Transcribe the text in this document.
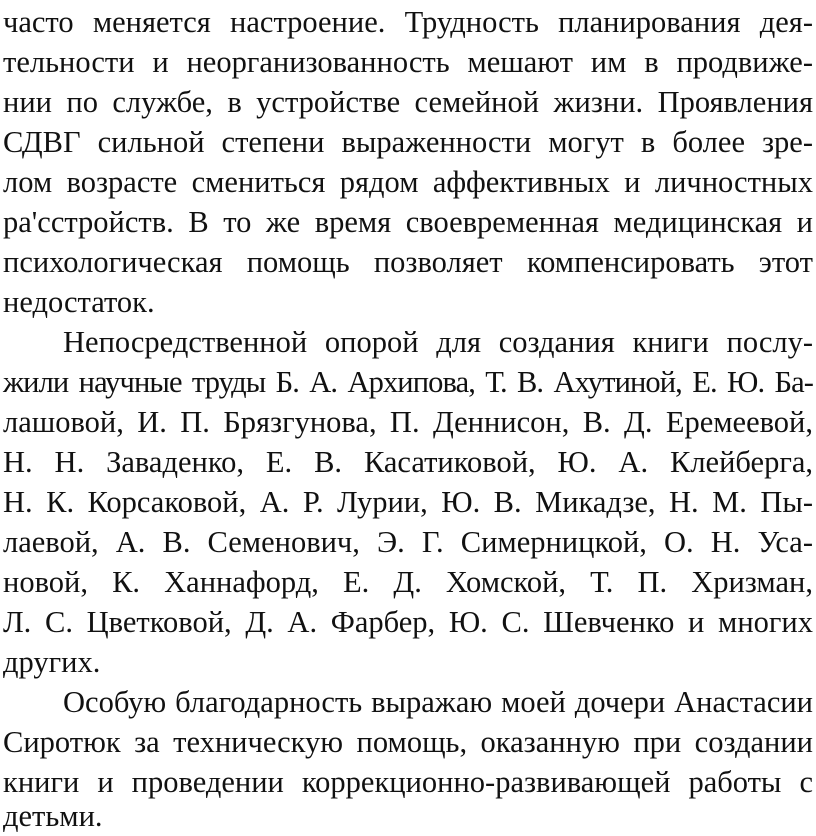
часто меняется настроение. Трудность планирования дея-
тельности и неорганизованность мешают им в продвиже-
нии по службе, в устройстве семейной жизни. Проявления
СДВГ сильной степени выраженности могут в более зре-
лом возрасте смениться рядом аффективных и личностных
ра'сстройств. В то же время своевременная медицинская и
психологическая помощь позволяет компенсировать этот
недостаток.
Непосредственной опорой для создания книги послу-
жили научные труды Б. А. Архипова, Т. В. Ахутиной, Е. Ю. Ба-
лашовой, И. П. Брязгунова, П. Деннисон, В. Д. Еремеевой,
Н. Н. Заваденко, Е. В. Касатиковой, Ю. А. Клейберга,
Н. К. Корсаковой, А. Р. Лурии, Ю. В. Микадзе, Н. М. Пы-
лаевой, А. В. Семенович, Э. Г. Симерницкой, О. Н. Уса-
новой, К. Ханнафорд, Е. Д. Хомской, Т. П. Хризман,
Л. С. Цветковой, Д. А. Фарбер, Ю. С. Шевченко и многих
других.
Особую благодарность выражаю моей дочери Анастасии
Сиротюк за техническую помощь, оказанную при создании
книги и проведении коррекционно-развивающей работы с
детьми.
